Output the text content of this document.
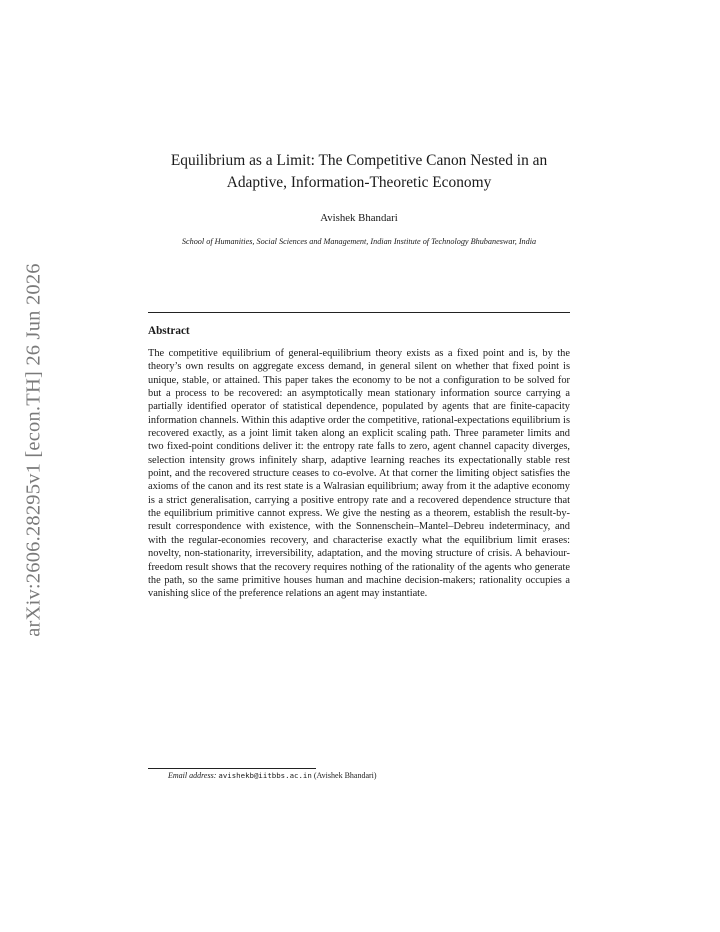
arXiv:2606.28295v1 [econ.TH] 26 Jun 2026
Equilibrium as a Limit: The Competitive Canon Nested in an Adaptive, Information-Theoretic Economy
Avishek Bhandari
School of Humanities, Social Sciences and Management, Indian Institute of Technology Bhubaneswar, India
Abstract

The competitive equilibrium of general-equilibrium theory exists as a fixed point and is, by the theory’s own results on aggregate excess demand, in general silent on whether that fixed point is unique, stable, or attained. This paper takes the economy to be not a configuration to be solved for but a process to be recovered: an asymptotically mean stationary information source carrying a partially identified operator of statistical dependence, populated by agents that are finite-capacity information channels. Within this adaptive order the competitive, rational-expectations equilibrium is recovered exactly, as a joint limit taken along an explicit scaling path. Three parameter limits and two fixed-point conditions deliver it: the entropy rate falls to zero, agent channel capacity diverges, selection intensity grows infinitely sharp, adaptive learning reaches its expectationally stable rest point, and the recovered structure ceases to co-evolve. At that corner the limiting object satisfies the axioms of the canon and its rest state is a Walrasian equilibrium; away from it the adaptive economy is a strict generalisation, carrying a positive entropy rate and a recovered dependence structure that the equilibrium primitive cannot express. We give the nesting as a theorem, establish the result-by-result correspondence with existence, with the Sonnenschein–Mantel–Debreu indeterminacy, and with the regular-economies recovery, and characterise exactly what the equilibrium limit erases: novelty, non-stationarity, irreversibility, adaptation, and the moving structure of crisis. A behaviour-freedom result shows that the recovery requires nothing of the rationality of the agents who generate the path, so the same primitive houses human and machine decision-makers; rationality occupies a vanishing slice of the preference relations an agent may instantiate.

Email address: avishekb@iitbbs.ac.in (Avishek Bhandari)
